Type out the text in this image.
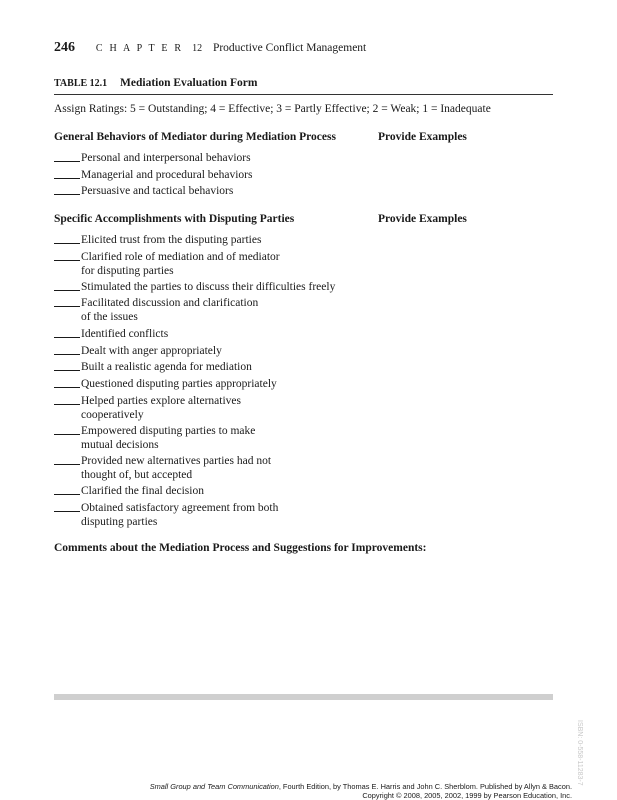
246 C H A P T E R 12 Productive Conflict Management
TABLE 12.1 Mediation Evaluation Form
Assign Ratings: 5 = Outstanding; 4 = Effective; 3 = Partly Effective; 2 = Weak; 1 = Inadequate
General Behaviors of Mediator during Mediation Process	Provide Examples
Personal and interpersonal behaviors
Managerial and procedural behaviors
Persuasive and tactical behaviors
Specific Accomplishments with Disputing Parties	Provide Examples
Elicited trust from the disputing parties
Clarified role of mediation and of mediator
for disputing parties
Stimulated the parties to discuss their difficulties freely
Facilitated discussion and clarification
of the issues
Identified conflicts
Dealt with anger appropriately
Built a realistic agenda for mediation
Questioned disputing parties appropriately
Helped parties explore alternatives
cooperatively
Empowered disputing parties to make
mutual decisions
Provided new alternatives parties had not
thought of, but accepted
Clarified the final decision
Obtained satisfactory agreement from both
disputing parties
Comments about the Mediation Process and Suggestions for Improvements:
ISBN: 0-558-11283-7
Small Group and Team Communication, Fourth Edition, by Thomas E. Harris and John C. Sherblom. Published by Allyn & Bacon.
Copyright © 2008, 2005, 2002, 1999 by Pearson Education, Inc.
